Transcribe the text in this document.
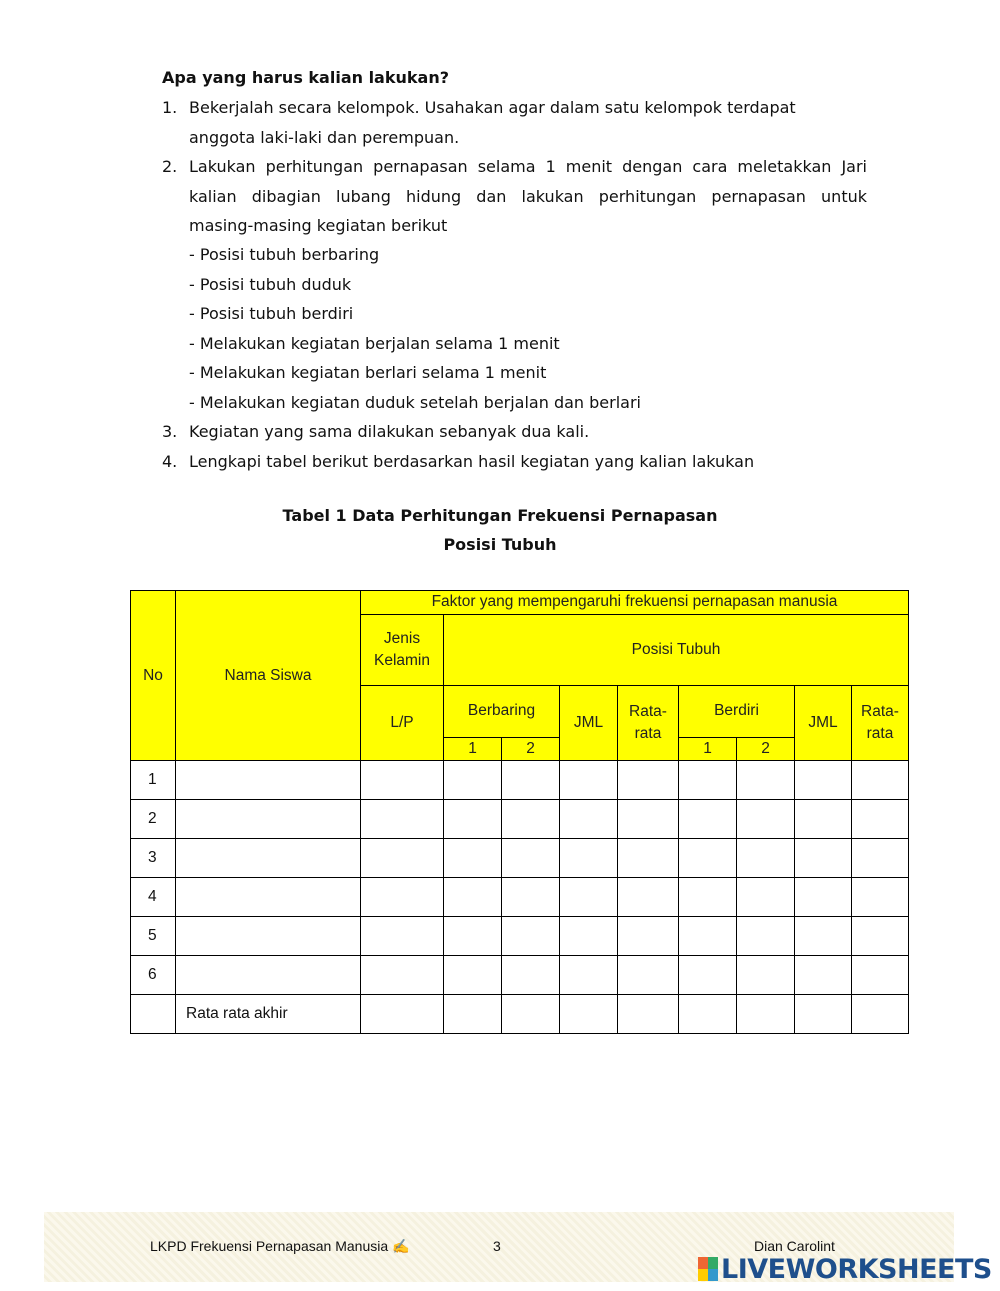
Apa yang harus kalian lakukan?
1. Bekerjalah secara kelompok. Usahakan agar dalam satu kelompok terdapat
anggota laki-laki dan perempuan.
2. Lakukan perhitungan pernapasan selama 1 menit dengan cara meletakkan Jari
kalian dibagian lubang hidung dan lakukan perhitungan pernapasan untuk
masing-masing kegiatan berikut
- Posisi tubuh berbaring
- Posisi tubuh duduk
- Posisi tubuh berdiri
- Melakukan kegiatan berjalan selama 1 menit
- Melakukan kegiatan berlari selama 1 menit
- Melakukan kegiatan duduk setelah berjalan dan berlari
3. Kegiatan yang sama dilakukan sebanyak dua kali.
4. Lengkapi tabel berikut berdasarkan hasil kegiatan yang kalian lakukan
Tabel 1 Data Perhitungan Frekuensi Pernapasan
Posisi Tubuh
No	Nama Siswa	Faktor yang mempengaruhi frekuensi pernapasan manusia								
		Jenis Kelamin	Posisi Tubuh							
		L/P	Berbaring		JML	Rata-rata	Berdiri		JML	Rata-rata
			1	2			1	2		
1										
2										
3										
4										
5										
6										
	Rata rata akhir									
LKPD Frekuensi Pernapasan Manusia ✍	3	Dian Carolint
LIVEWORKSHEETS
